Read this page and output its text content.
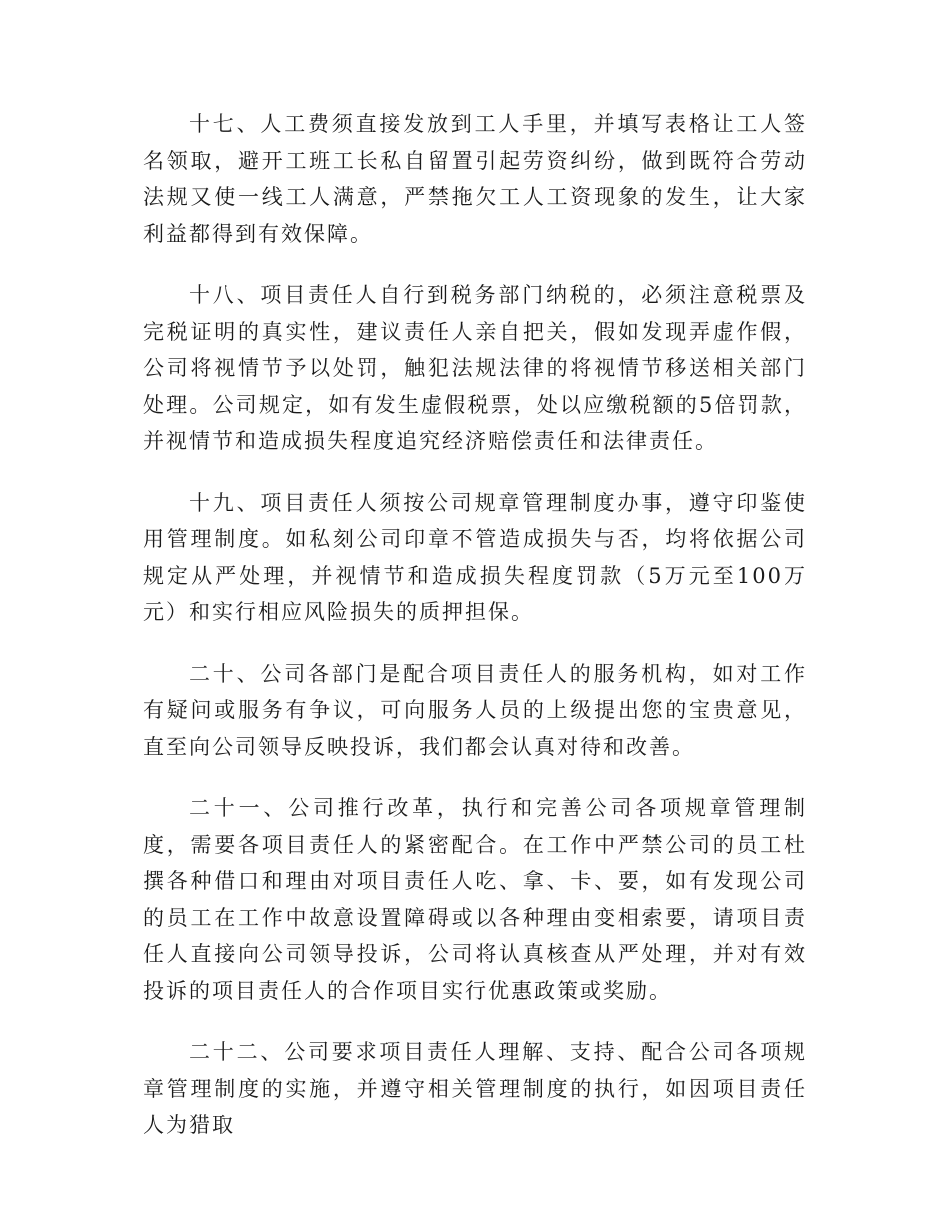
十七、人工费须直接发放到工人手里，并填写表格让工人签名领取，避开工班工长私自留置引起劳资纠纷，做到既符合劳动法规又使一线工人满意，严禁拖欠工人工资现象的发生，让大家利益都得到有效保障。

十八、项目责任人自行到税务部门纳税的，必须注意税票及完税证明的真实性，建议责任人亲自把关，假如发现弄虚作假，公司将视情节予以处罚，触犯法规法律的将视情节移送相关部门处理。公司规定，如有发生虚假税票，处以应缴税额的5倍罚款，并视情节和造成损失程度追究经济赔偿责任和法律责任。

十九、项目责任人须按公司规章管理制度办事，遵守印鉴使用管理制度。如私刻公司印章不管造成损失与否，均将依据公司规定从严处理，并视情节和造成损失程度罚款（5万元至100万元）和实行相应风险损失的质押担保。

二十、公司各部门是配合项目责任人的服务机构，如对工作有疑问或服务有争议，可向服务人员的上级提出您的宝贵意见，直至向公司领导反映投诉，我们都会认真对待和改善。

二十一、公司推行改革，执行和完善公司各项规章管理制度，需要各项目责任人的紧密配合。在工作中严禁公司的员工杜撰各种借口和理由对项目责任人吃、拿、卡、要，如有发现公司的员工在工作中故意设置障碍或以各种理由变相索要，请项目责任人直接向公司领导投诉，公司将认真核查从严处理，并对有效投诉的项目责任人的合作项目实行优惠政策或奖励。

二十二、公司要求项目责任人理解、支持、配合公司各项规章管理制度的实施，并遵守相关管理制度的执行，如因项目责任人为猎取
